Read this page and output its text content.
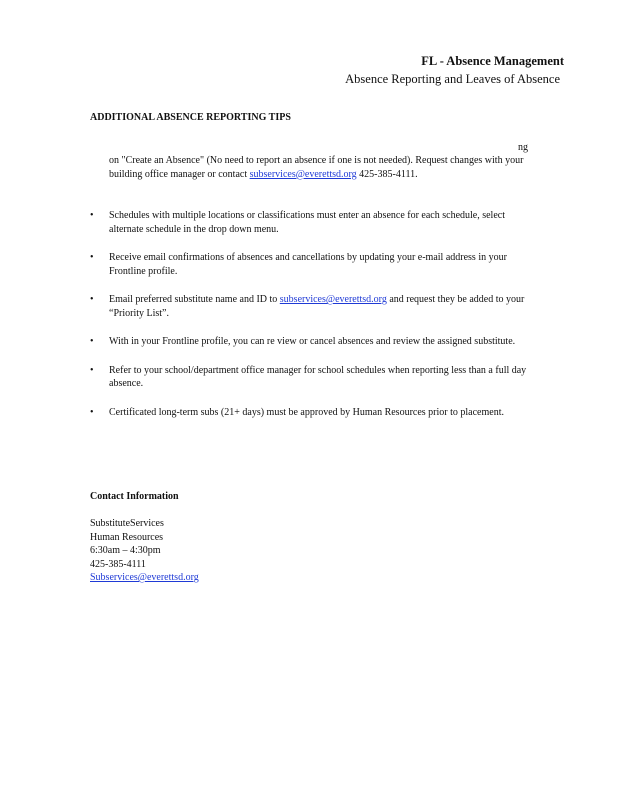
FL - Absence Management
Absence Reporting and Leaves of Absence
ADDITIONAL ABSENCE REPORTING TIPS
ng
on "Create an Absence" (No need to report an absence if one is not needed). Request changes with your building office manager or contact subservices@everettsd.org 425-385-4111.
• Schedules with multiple locations or classifications must enter an absence for each schedule, select alternate schedule in the drop down menu.
• Receive email confirmations of absences and cancellations by updating your e-mail address in your Frontline profile.
• Email preferred substitute name and ID to subservices@everettsd.org and request they be added to your “Priority List”.
• With in your Frontline profile, you can re view or cancel absences and review the assigned substitute.
• Refer to your school/department office manager for school schedules when reporting less than a full day absence.
• Certificated long-term subs (21+ days) must be approved by Human Resources prior to placement.
Contact Information
SubstituteServices
Human Resources
6:30am – 4:30pm
425-385-4111
Subservices@everettsd.org
